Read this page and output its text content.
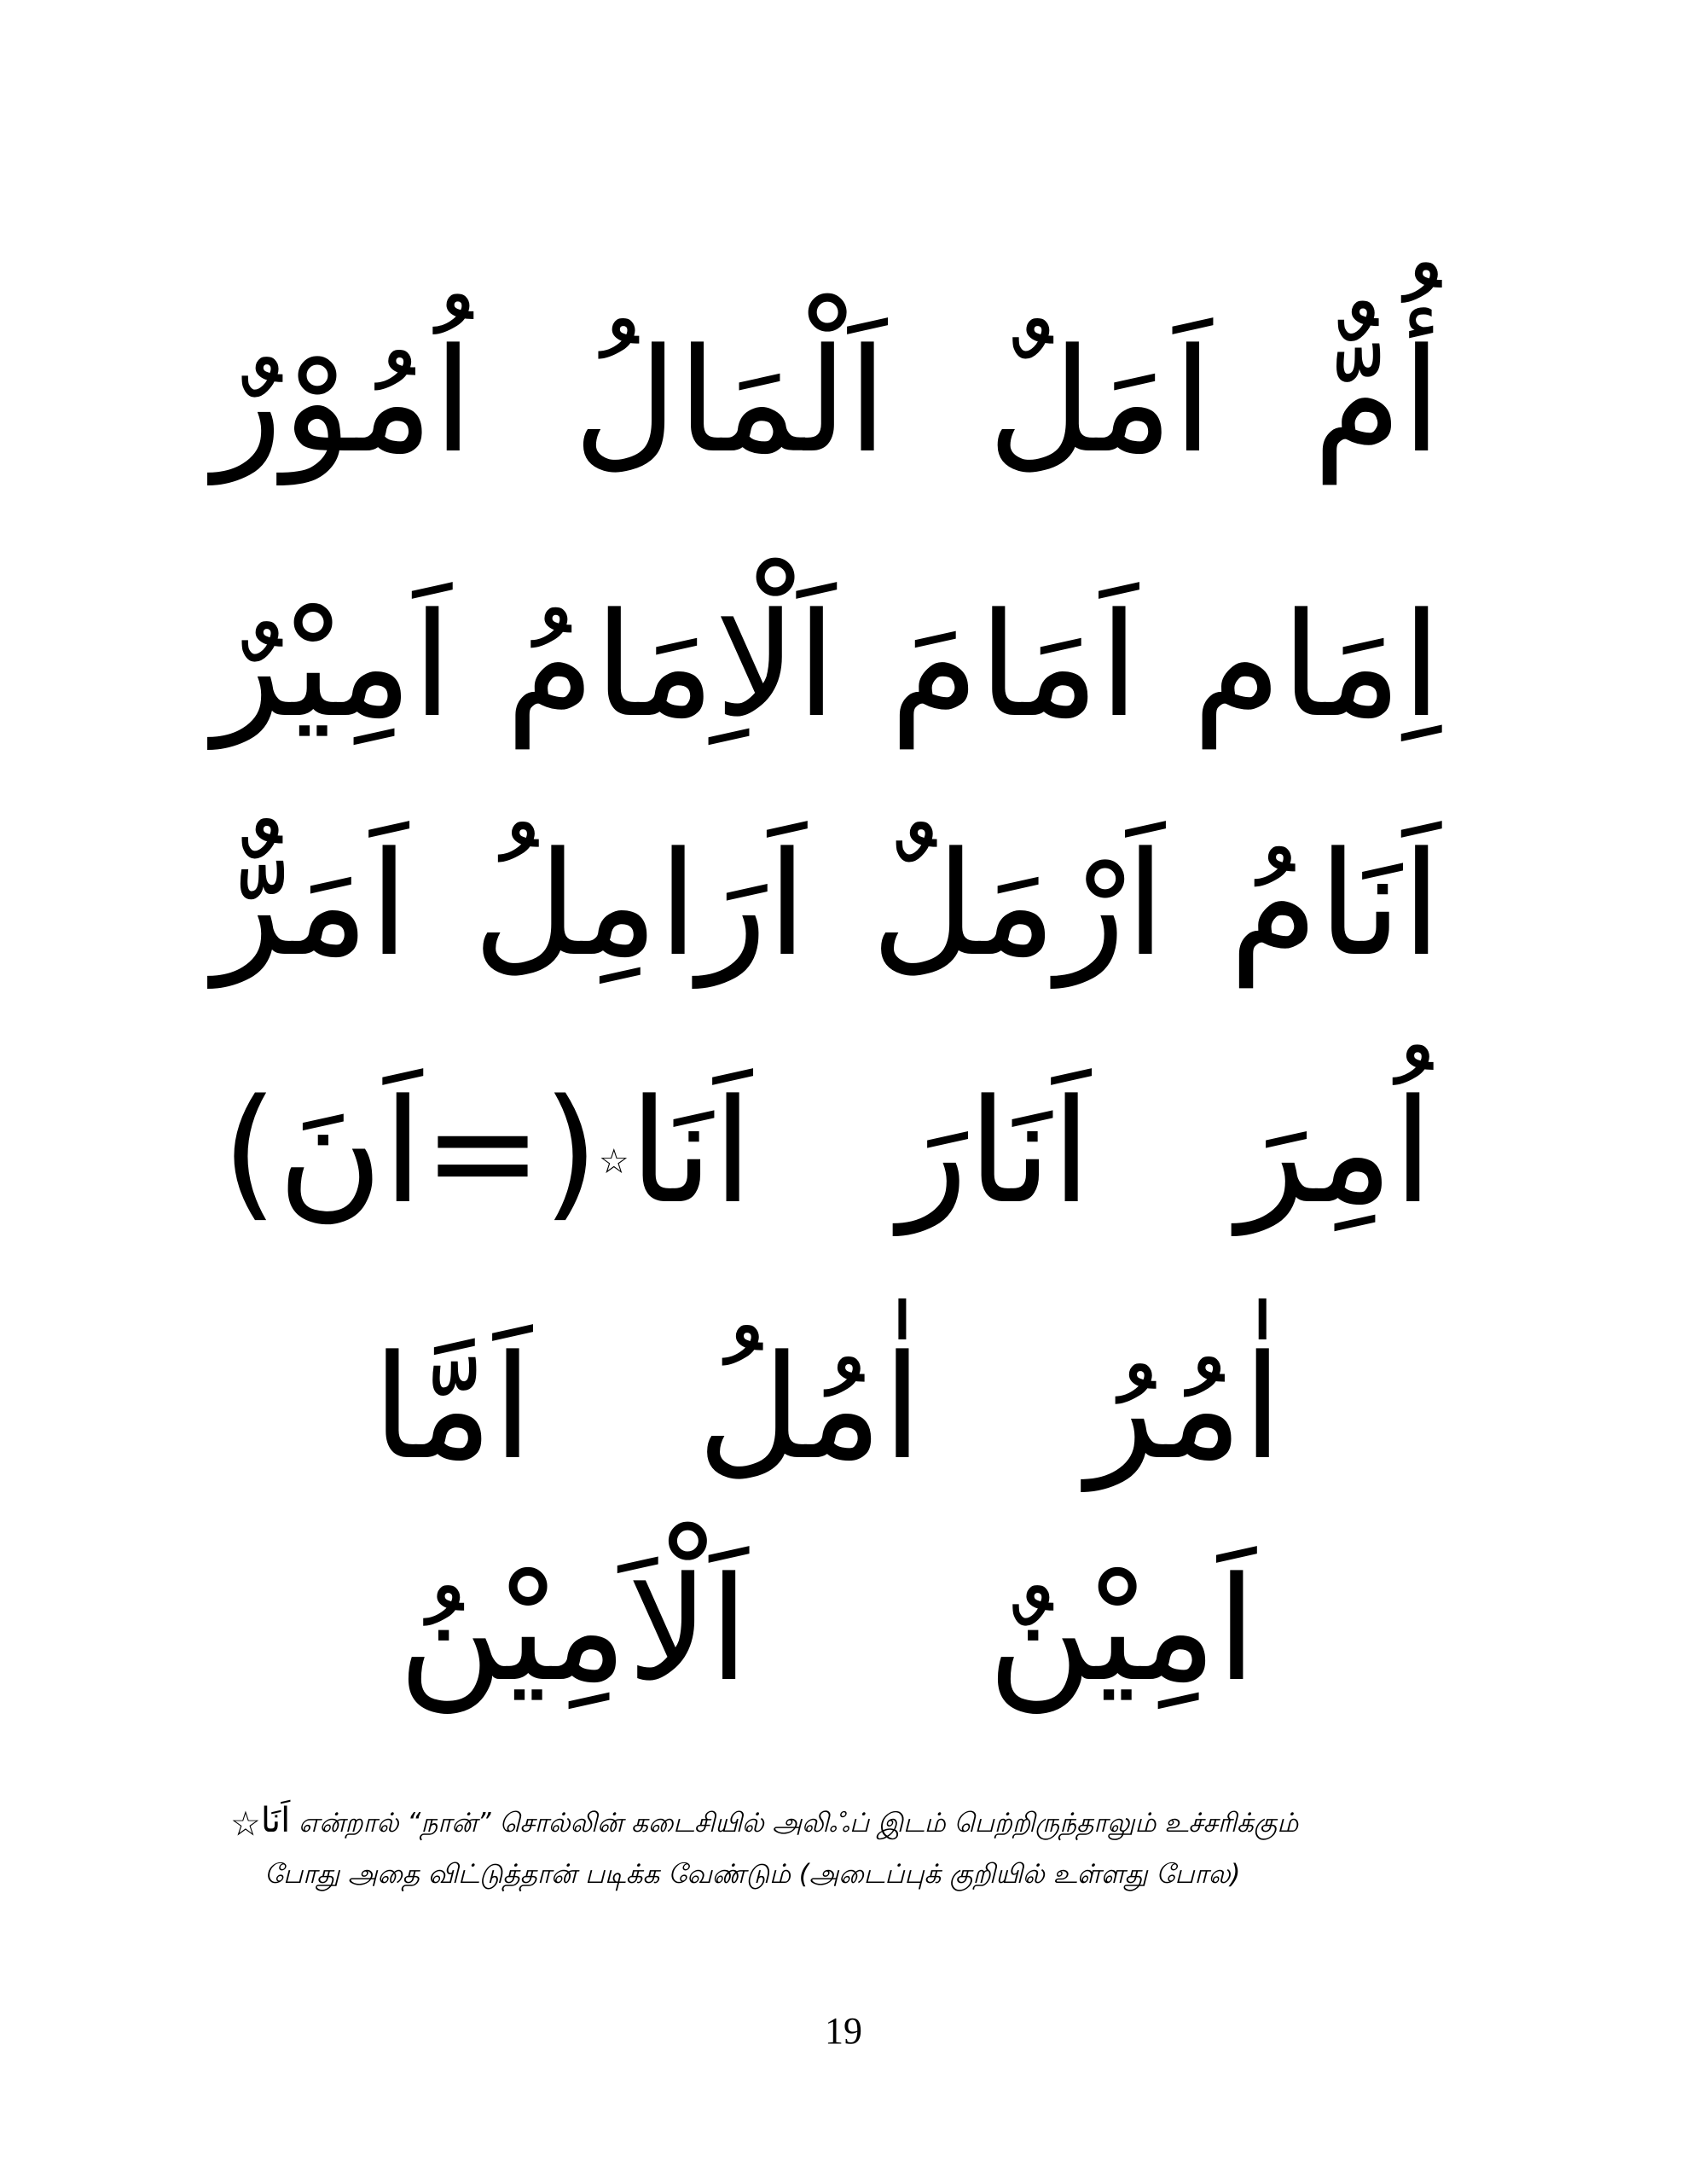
أُمٌّ
اَمَلٌ
اَلْمَالُ
اُمُوْرٌ
اِمَام
اَمَامَ
اَلْاِمَامُ
اَمِيْرٌ
اَنَامُ
اَرْمَلٌ
اَرَامِلُ
اَمَرٌّ
اُمِرَ
اَنَارَ
اَنَا☆(=اَنَ)
اٰمُرُ
اٰمُلُ
اَمَّا
اَمِيْنٌ
اَلْاَمِيْنُ
☆اَنَا என்றால் “நான்” சொல்லின் கடைசியில் அலிஃப் இடம் பெற்றிருந்தாலும் உச்சரிக்கும்
போது அதை விட்டுத்தான் படிக்க வேண்டும் (அடைப்புக் குறியில் உள்ளது போல)
19
